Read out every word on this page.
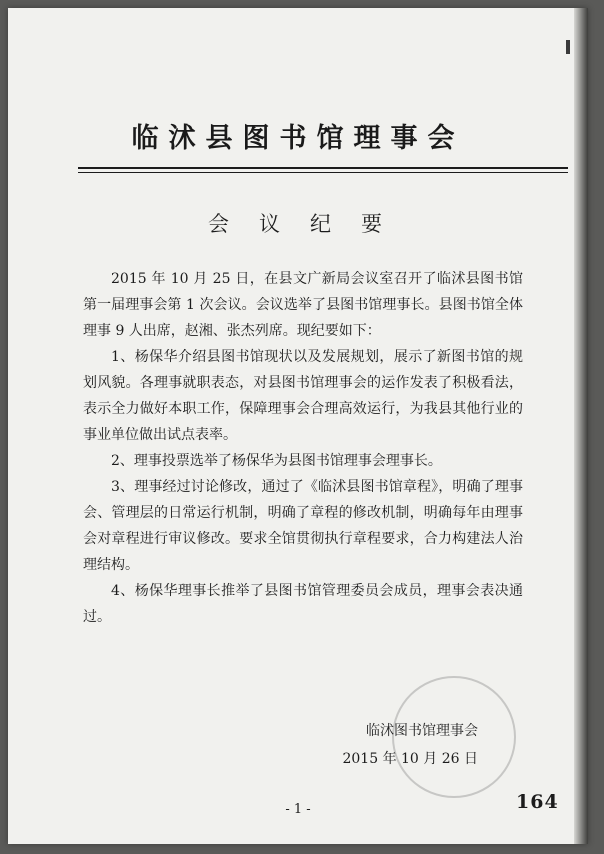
临沭县图书馆理事会
会议纪要

2015 年 10 月 25 日，在县文广新局会议室召开了临沭县图书馆第一届理事会第 1 次会议。会议选举了县图书馆理事长。县图书馆全体理事 9 人出席，赵湘、张杰列席。现纪要如下：

1、杨保华介绍县图书馆现状以及发展规划，展示了新图书馆的规划风貌。各理事就职表态，对县图书馆理事会的运作发表了积极看法，表示全力做好本职工作，保障理事会合理高效运行，为我县其他行业的事业单位做出试点表率。

2、理事投票选举了杨保华为县图书馆理事会理事长。

3、理事经过讨论修改，通过了《临沭县图书馆章程》，明确了理事会、管理层的日常运行机制，明确了章程的修改机制，明确每年由理事会对章程进行审议修改。要求全馆贯彻执行章程要求，合力构建法人治理结构。

4、杨保华理事长推举了县图书馆管理委员会成员，理事会表决通过。

临沭图书馆理事会
2015 年 10 月 26 日
- 1 -	164
